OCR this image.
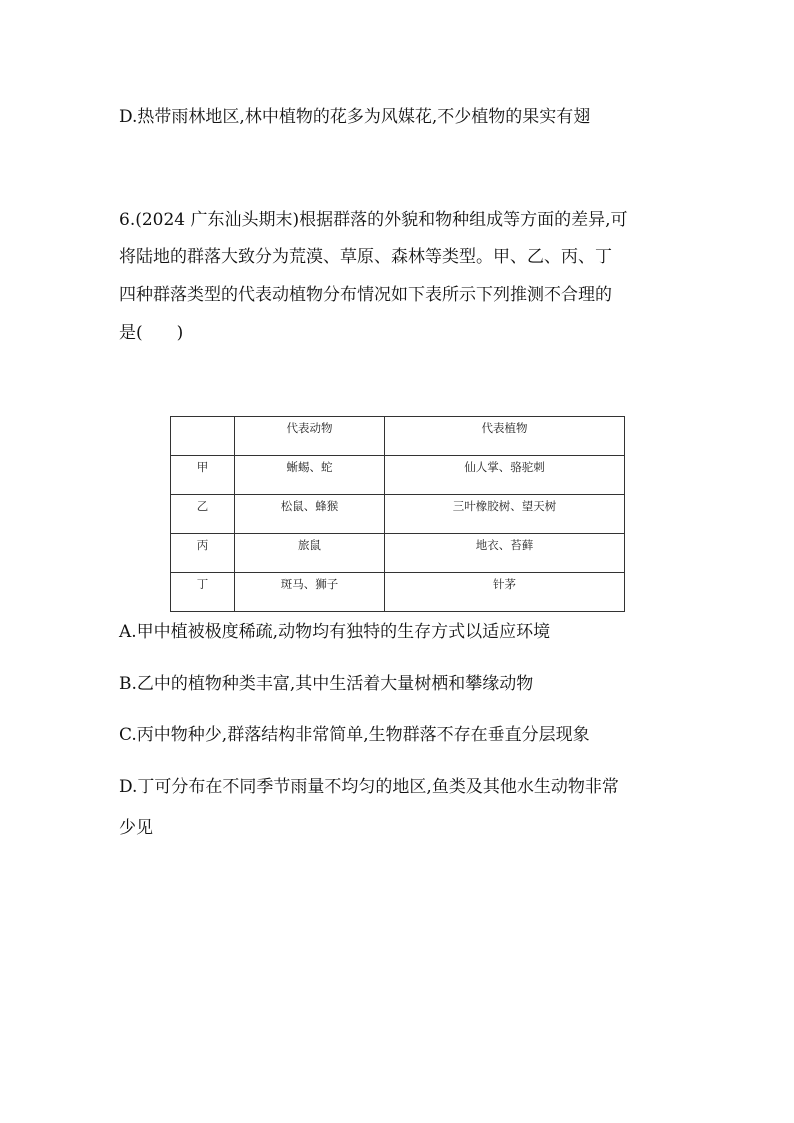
D.热带雨林地区,林中植物的花多为风媒花,不少植物的果实有翅
6.(2024 广东汕头期末)根据群落的外貌和物种组成等方面的差异,可
将陆地的群落大致分为荒漠、草原、森林等类型。甲、乙、丙、丁
四种群落类型的代表动植物分布情况如下表所示下列推测不合理的
是(　　)
	代表动物	代表植物
甲	蜥蜴、蛇	仙人掌、骆驼刺
乙	松鼠、蜂猴	三叶橡胶树、望天树
丙	旅鼠	地衣、苔藓
丁	斑马、狮子	针茅
A.甲中植被极度稀疏,动物均有独特的生存方式以适应环境
B.乙中的植物种类丰富,其中生活着大量树栖和攀缘动物
C.丙中物种少,群落结构非常简单,生物群落不存在垂直分层现象
D.丁可分布在不同季节雨量不均匀的地区,鱼类及其他水生动物非常
少见
